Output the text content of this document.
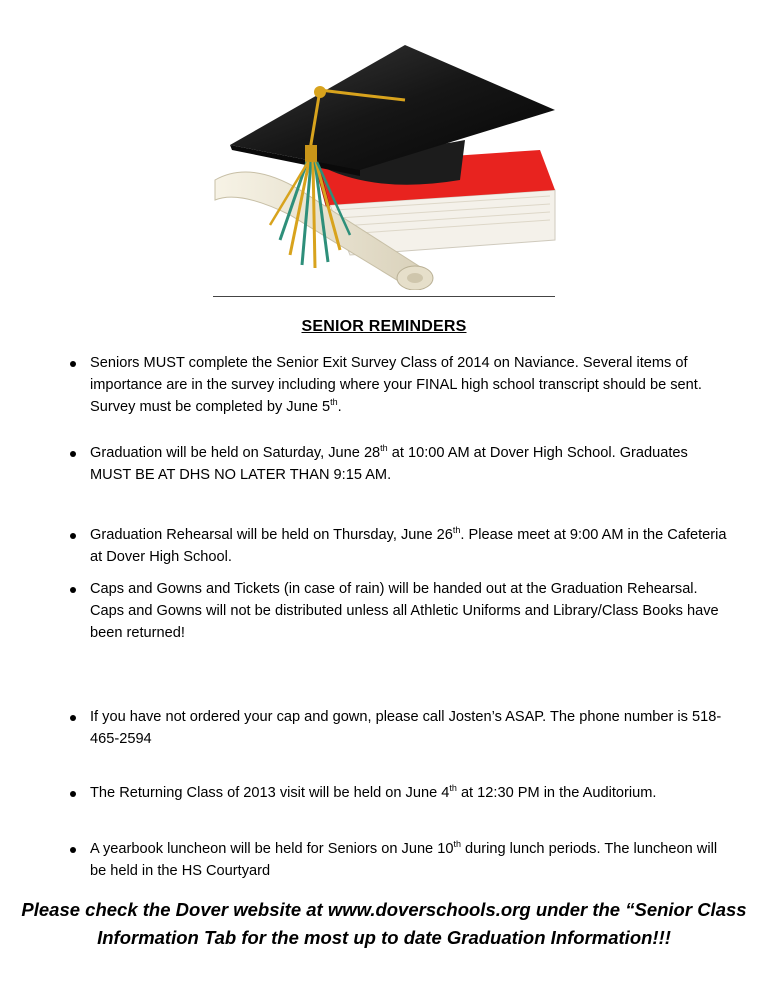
SENIOR REMINDERS
Seniors MUST complete the Senior Exit Survey Class of 2014 on Naviance. Several items of importance are in the survey including where your FINAL high school transcript should be sent. Survey must be completed by June 5th.
Graduation will be held on Saturday, June 28th at 10:00 AM at Dover High School. Graduates MUST BE AT DHS NO LATER THAN 9:15 AM.
Graduation Rehearsal will be held on Thursday, June 26th. Please meet at 9:00 AM in the Cafeteria at Dover High School.
Caps and Gowns and Tickets (in case of rain) will be handed out at the Graduation Rehearsal. Caps and Gowns will not be distributed unless all Athletic Uniforms and Library/Class Books have been returned!
If you have not ordered your cap and gown, please call Josten’s ASAP. The phone number is 518-465-2594
The Returning Class of 2013 visit will be held on June 4th at 12:30 PM in the Auditorium.
A yearbook luncheon will be held for Seniors on June 10th during lunch periods. The luncheon will be held in the HS Courtyard
Please check the Dover website at www.doverschools.org under the “Senior Class Information Tab for the most up to date Graduation Information!!!
